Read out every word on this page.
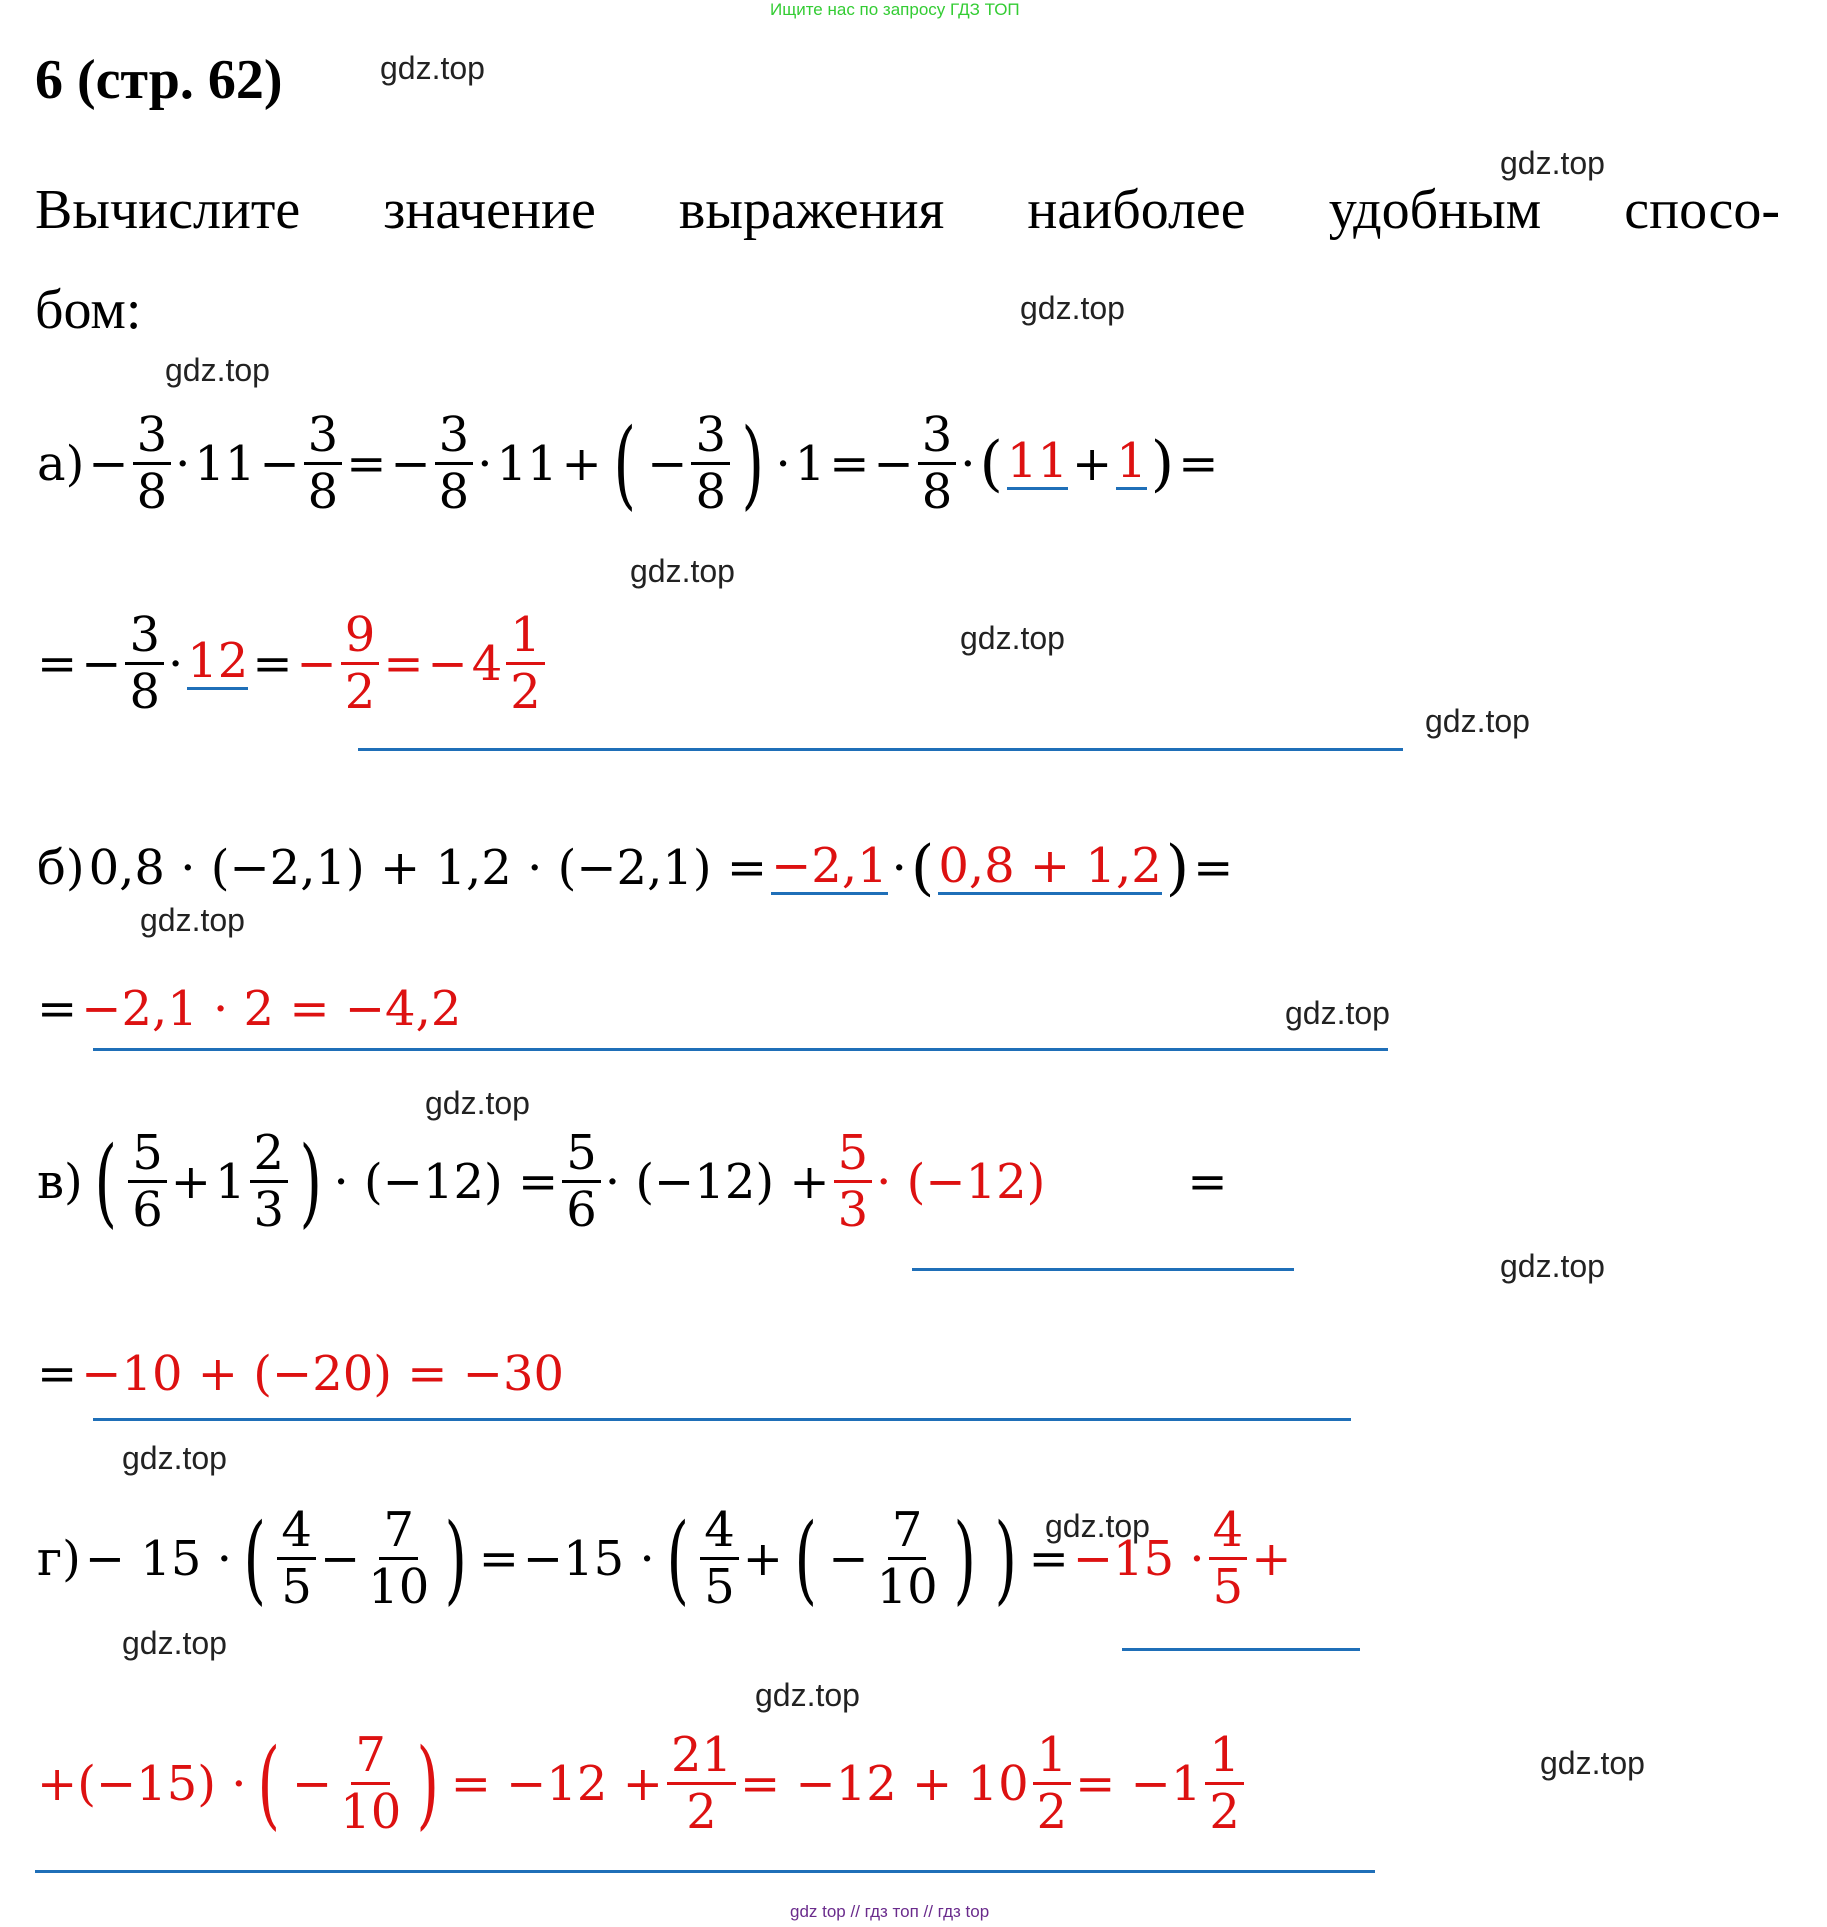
Ищите нас по запросу ГДЗ ТОП
6 (стр. 62)
Вычислите значение выражения наиболее удобным спосо-
бом:
gdz.top
gdz.top
gdz.top
gdz.top
gdz.top
gdz.top
gdz.top
gdz.top
gdz.top
gdz.top
gdz.top
gdz.top
gdz.top
gdz.top
gdz.top
gdz.top
$а) - \frac{3}{8} \cdot 11 - \frac{3}{8}$ = − $\frac{3}{8} \cdot 11$ + ( − $\frac{3}{8}$ ) · 1 = − $\frac{3}{8}$ · ( 11 + 1 ) =
= − $\frac{3}{8} \cdot 12$ = − $\frac{9}{2}$ = − $4 \frac{1}{2}$
б) 0,8 · (−2,1) + 1,2 · (−2,1) = −2,1 · ( 0,8 + 1,2 ) =
= −2,1 · 2 = −4,2
в) ( $\frac{5}{6} + 1 \frac{2}{3}$ ) · $(-12) = \frac{5}{6} \cdot (-12) + \frac{5}{3} \cdot (-12)$	=
= −10 + (−20) = −30
г) − 15 · ( $\frac{4}{5} - \frac{7}{10}$ ) = −15 · ( $\frac{4}{5}$ + ( − $\frac{7}{10}$ ) ) = $-15 \cdot \frac{4}{5}$ +
+(−15) · ( − $\frac{7}{10}$ ) = $-12 + \frac{21}{2} = -12 + 10 \frac{1}{2} = -1 \frac{1}{2}$
gdz top // гдз топ // гдз top
